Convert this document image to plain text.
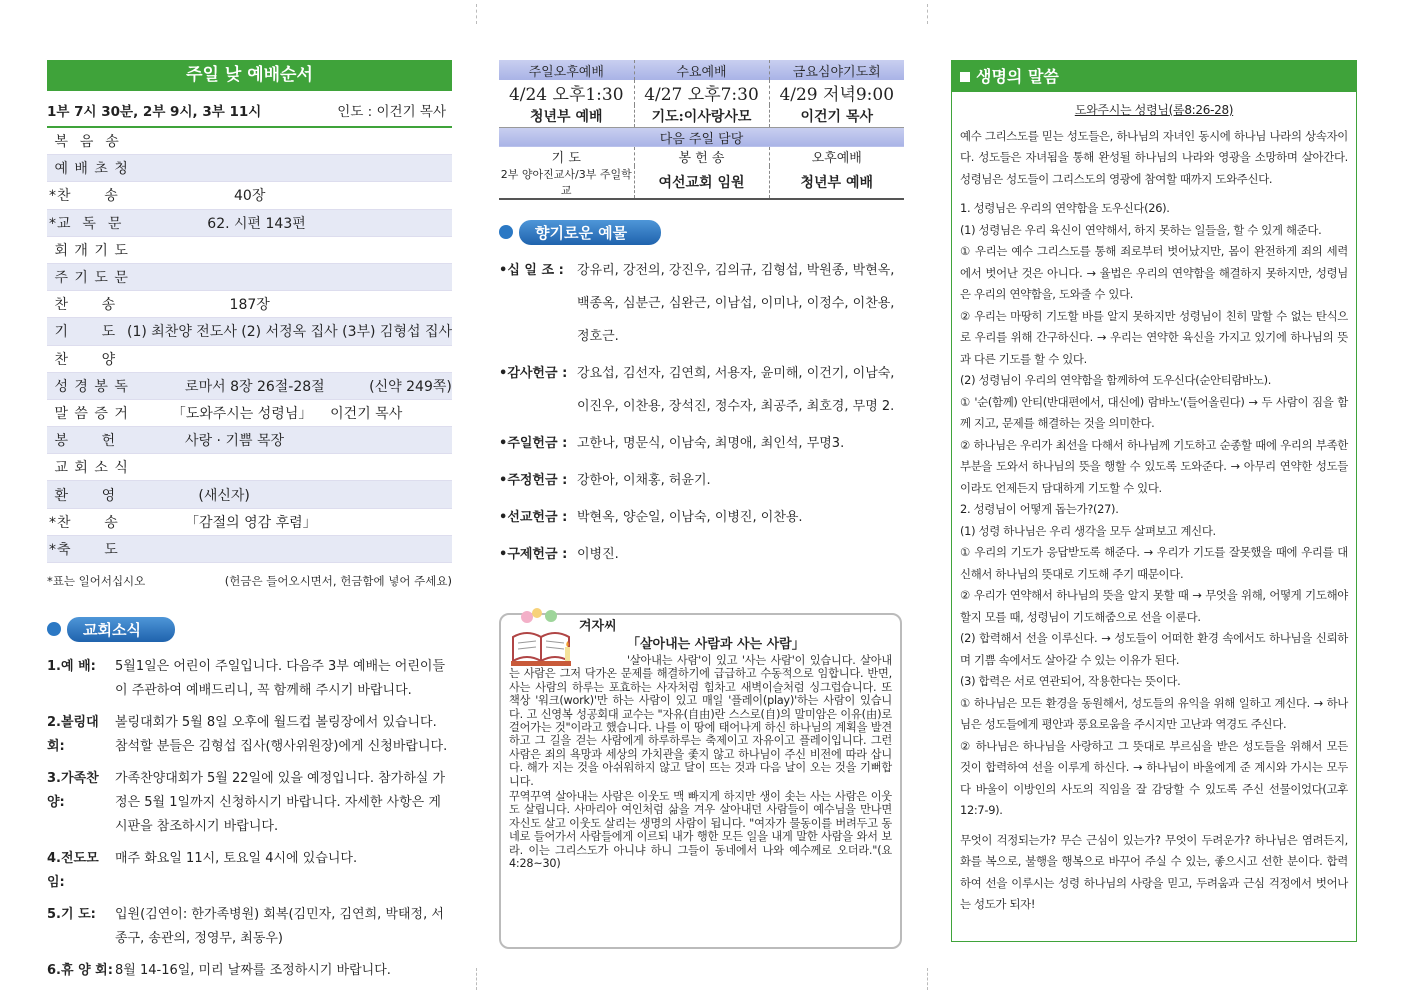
주일 낮 예배순서
1부 7시 30분, 2부 9시, 3부 11시	인도 : 이건기 목사
복  음  송
예 배 초 청
*찬      송	40장
*교  독  문	62. 시편 143편
회 개 기 도
주 기 도 문
찬      송	187장
기      도 (1) 최찬양 전도사 (2) 서정옥 집사 (3부) 김형섭 집사
찬      양
성 경 봉 독	로마서 8장 26절-28절          (신약 249쪽)
말 씀 증 거	「도와주시는 성령님」    이건기 목사
봉      헌	사랑 · 기쁨 목장
교 회 소 식
환      영	(새신자)
*찬      송	「감절의 영감 후렴」
*축      도
*표는 일어서십시오	(헌금은 들어오시면서, 헌금함에 넣어 주세요)
교회소식
1.예 배:	5월1일은 어린이 주일입니다. 다음주 3부 예배는 어린이들이 주관하여 예배드리니, 꼭 함께해 주시기 바랍니다.
2.볼링대회:
볼링대회가 5월 8일 오후에 월드컵 볼링장에서 있습니다. 참석할 분들은 김형섭 집사(행사위원장)에게 신청바랍니다.
3.가족찬양:
가족찬양대회가 5월 22일에 있을 예정입니다. 참가하실 가정은 5월 1일까지 신청하시기 바랍니다. 자세한 사항은 게시판을 참조하시기 바랍니다.
4.전도모임:
매주 화요일 11시, 토요일 4시에 있습니다.
5.기 도:	입원(김연이: 한가족병원) 회복(김민자, 김연희, 박태정, 서종구, 송관의, 정영무, 최동우)
6.휴 양 회: 8월 14-16일, 미리 날짜를 조정하시기 바랍니다.
주일오후예배	수요예배	금요심야기도회
4/24 오후1:30	4/27 오후7:30	4/29 저녁9:00
청년부 예배	기도:이사랑사모	이건기 목사
다음 주일 담당		
기 도	봉 헌 송	오후예배
2부 양아진교사/3부 주일학교	여선교회 임원	청년부 예배
향기로운 예물
• 십 일 조 :	강유리, 강전의, 강진우, 김의규, 김형섭, 박원종, 박현옥, 백종옥, 심분근, 심완근, 이남섭, 이미나, 이정수, 이찬용, 정호근.
• 감사헌금 : 강요섭, 김선자, 김연희, 서용자, 윤미해, 이건기, 이남숙, 이진우, 이찬용, 장석진, 정수자, 최공주, 최호경, 무명 2.
• 주일헌금 : 고한나, 명문식, 이남숙, 최명애, 최인석, 무명3.
• 주정헌금 : 강한아, 이채홍, 허윤기.
• 선교헌금 : 박현옥, 양순일, 이남숙, 이병진, 이찬용.
• 구제헌금 : 이병진.
겨자씨
「살아내는 사람과 사는 사람」

'살아내는 사람'이 있고 '사는 사람'이 있습니다. 살아내는 사람은 그저 닥가온 문제를 해결하기에 급급하고 수동적으로 임합니다. 반면, 사는 사람의 하루는 포효하는 사자처럼 힘차고 새벽이슬처럼 싱그럽습니다. 또 책상 '워크(work)'만 하는 사람이 있고 매일 '플레이(play)'하는 사람이 있습니다. 고 신영복 성공회대 교수는 "자유(自由)란 스스로(自)의 말미암은 이유(由)로 걸어가는 것"이라고 했습니다. 나를 이 땅에 태어나게 하신 하나님의 계획을 발견하고 그 길을 걷는 사람에게 하루하루는 축제이고 자유이고 플레이입니다. 그런 사람은 죄의 욕망과 세상의 가치관을 좇지 않고 하나님이 주신 비전에 따라 삽니다. 해가 지는 것을 아쉬워하지 않고 달이 뜨는 것과 다음 날이 오는 것을 기뻐합니다.

꾸역꾸역 살아내는 사람은 이웃도 맥 빠지게 하지만 생이 솟는 사는 사람은 이웃도 살립니다. 사마리아 여인처럼 삶을 겨우 살아내던 사람들이 예수님을 만나면 자신도 살고 이웃도 살리는 생명의 사람이 됩니다. "여자가 물동이를 버려두고 동네로 들어가서 사람들에게 이르되 내가 행한 모든 일을 내게 말한 사람을 와서 보라. 이는 그리스도가 아니냐 하니 그들이 동네에서 나와 예수께로 오더라."(요 4:28~30)

생명의 말씀
도와주시는 성령님(롬8:26-28)

예수 그리스도를 믿는 성도들은, 하나님의 자녀인 동시에 하나님 나라의 상속자이다. 성도들은 자녀됨을 통해 완성될 하나님의 나라와 영광을 소망하며 살아간다. 성령님은 성도들이 그리스도의 영광에 참여할 때까지 도와주신다.

1. 성령님은 우리의 연약함을 도우신다(26).

(1) 성령님은 우리 육신이 연약해서, 하지 못하는 일들을, 할 수 있게 해준다.

① 우리는 예수 그리스도를 통해 죄로부터 벗어났지만, 몸이 완전하게 죄의 세력에서 벗어난 것은 아니다. → 율법은 우리의 연약함을 해결하지 못하지만, 성령님은 우리의 연약함을, 도와줄 수 있다.

② 우리는 마땅히 기도할 바를 알지 못하지만 성령님이 친히 말할 수 없는 탄식으로 우리를 위해 간구하신다. → 우리는 연약한 육신을 가지고 있기에 하나님의 뜻과 다른 기도를 할 수 있다.

(2) 성령님이 우리의 연약함을 함께하여 도우신다(순안티람바노).

① '순(함께) 안티(반대편에서, 대신에) 람바노'(들어올린다) → 두 사람이 짐을 함께 지고, 문제를 해결하는 것을 의미한다.

② 하나님은 우리가 최선을 다해서 하나님께 기도하고 순종할 때에 우리의 부족한 부분을 도와서 하나님의 뜻을 행할 수 있도록 도와준다. → 아무리 연약한 성도들이라도 언제든지 담대하게 기도할 수 있다.

2. 성령님이 어떻게 돕는가?(27).

(1) 성령 하나님은 우리 생각을 모두 살펴보고 계신다.

① 우리의 기도가 응답받도록 해준다. → 우리가 기도를 잘못했을 때에 우리를 대신해서 하나님의 뜻대로 기도해 주기 때문이다.

② 우리가 연약해서 하나님의 뜻을 알지 못할 때 → 무엇을 위해, 어떻게 기도해야 할지 모를 때, 성령님이 기도해줌으로 선을 이룬다.

(2) 합력해서 선을 이루신다. → 성도들이 어떠한 환경 속에서도 하나님을 신뢰하며 기쁨 속에서도 살아갈 수 있는 이유가 된다.

(3) 합력은 서로 연관되어, 작용한다는 뜻이다.

① 하나님은 모든 환경을 동원해서, 성도들의 유익을 위해 일하고 계신다. → 하나님은 성도들에게 평안과 풍요로움을 주시지만 고난과 역경도 주신다.

② 하나님은 하나님을 사랑하고 그 뜻대로 부르심을 받은 성도들을 위해서 모든 것이 합력하여 선을 이루게 하신다. → 하나님이 바울에게 준 계시와 가시는 모두 다 바울이 이방인의 사도의 직임을 잘 감당할 수 있도록 주신 선물이었다(고후12:7-9).

무엇이 걱정되는가? 무슨 근심이 있는가? 무엇이 두려운가? 하나님은 염려든지, 화를 복으로, 불행을 행복으로 바꾸어 주실 수 있는, 좋으시고 선한 분이다. 합력하여 선을 이루시는 성령 하나님의 사랑을 믿고, 두려움과 근심 걱정에서 벗어나는 성도가 되자!
